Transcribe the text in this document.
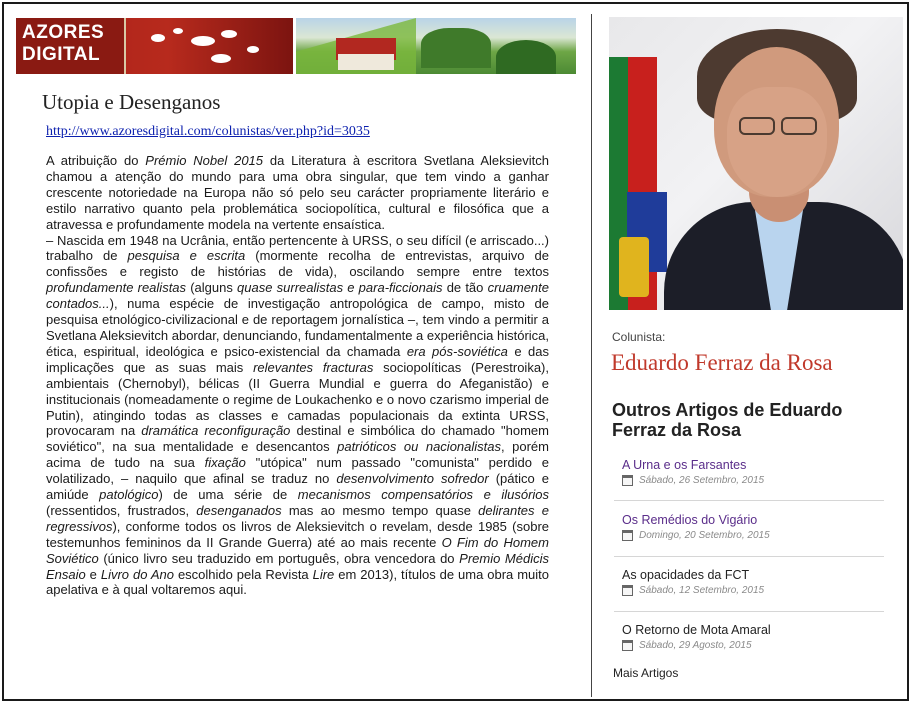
AZORES
DIGITAL
Utopia e Desenganos
http://www.azoresdigital.com/colunistas/ver.php?id=3035

A atribuição do Prémio Nobel 2015 da Literatura à escritora Svetlana Aleksievitch chamou a atenção do mundo para uma obra singular, que tem vindo a ganhar crescente notoriedade na Europa não só pelo seu carácter propriamente literário e estilo narrativo quanto pela problemática sociopolítica, cultural e filosófica que a atravessa e profundamente modela na vertente ensaística.

– Nascida em 1948 na Ucrânia, então pertencente à URSS, o seu difícil (e arriscado...) trabalho de pesquisa e escrita (mormente recolha de entrevistas, arquivo de confissões e registo de histórias de vida), oscilando sempre entre textos profundamente realistas (alguns quase surrealistas e para-ficcionais de tão cruamente contados...), numa espécie de investigação antropológica de campo, misto de pesquisa etnológico-civilizacional e de reportagem jornalística –, tem vindo a permitir a Svetlana Aleksievitch abordar, denunciando, fundamentalmente a experiência histórica, ética, espiritual, ideológica e psico-existencial da chamada era pós-soviética e das implicações que as suas mais relevantes fracturas sociopolíticas (Perestroika), ambientais (Chernobyl), bélicas (II Guerra Mundial e guerra do Afeganistão) e institucionais (nomeadamente o regime de Loukachenko e o novo czarismo imperial de Putin), atingindo todas as classes e camadas populacionais da extinta URSS, provocaram na dramática reconfiguração destinal e simbólica do chamado "homem soviético", na sua mentalidade e desencantos patrióticos ou nacionalistas, porém acima de tudo na sua fixação "utópica" num passado "comunista" perdido e volatilizado, – naquilo que afinal se traduz no desenvolvimento sofredor (pático e amiúde patológico) de uma série de mecanismos compensatórios e ilusórios (ressentidos, frustrados, desenganados mas ao mesmo tempo quase delirantes e regressivos), conforme todos os livros de Aleksievitch o revelam, desde 1985 (sobre testemunhos femininos da II Grande Guerra) até ao mais recente O Fim do Homem Soviético (único livro seu traduzido em português, obra vencedora do Premio Médicis Ensaio e Livro do Ano escolhido pela Revista Lire em 2013), títulos de uma obra muito apelativa e à qual voltaremos aqui.

Colunista:
Eduardo Ferraz da Rosa
Outros Artigos de Eduardo Ferraz da Rosa
A Urna e os Farsantes
Sábado, 26 Setembro, 2015
Os Remédios do Vigário
Domingo, 20 Setembro, 2015
As opacidades da FCT
Sábado, 12 Setembro, 2015
O Retorno de Mota Amaral
Sábado, 29 Agosto, 2015
Mais Artigos
